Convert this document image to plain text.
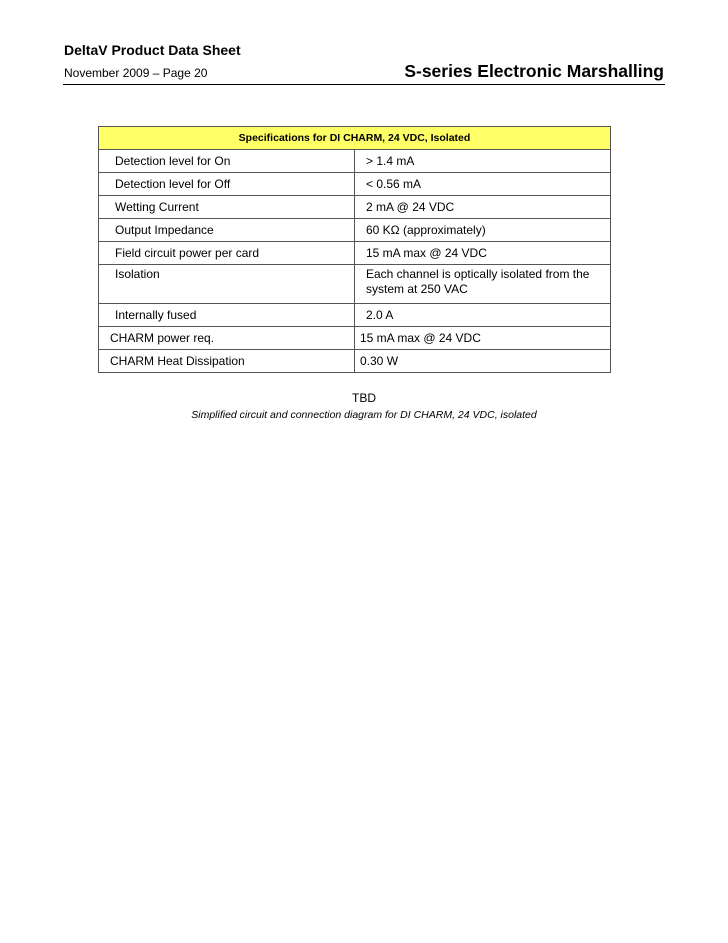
DeltaV Product Data Sheet
November 2009 – Page 20	S-series Electronic Marshalling
Specifications for DI CHARM, 24 VDC, Isolated	
Detection level for On	> 1.4 mA
Detection level for Off	< 0.56 mA
Wetting Current	2 mA @ 24 VDC
Output Impedance	60 KΩ (approximately)
Field circuit power per card	15 mA max @ 24 VDC
Isolation	Each channel is optically isolated from the system at 250 VAC
Internally fused	2.0 A
CHARM power req.	15 mA max @ 24 VDC
CHARM Heat Dissipation	0.30 W
TBD
Simplified circuit and connection diagram for DI CHARM, 24 VDC, isolated
